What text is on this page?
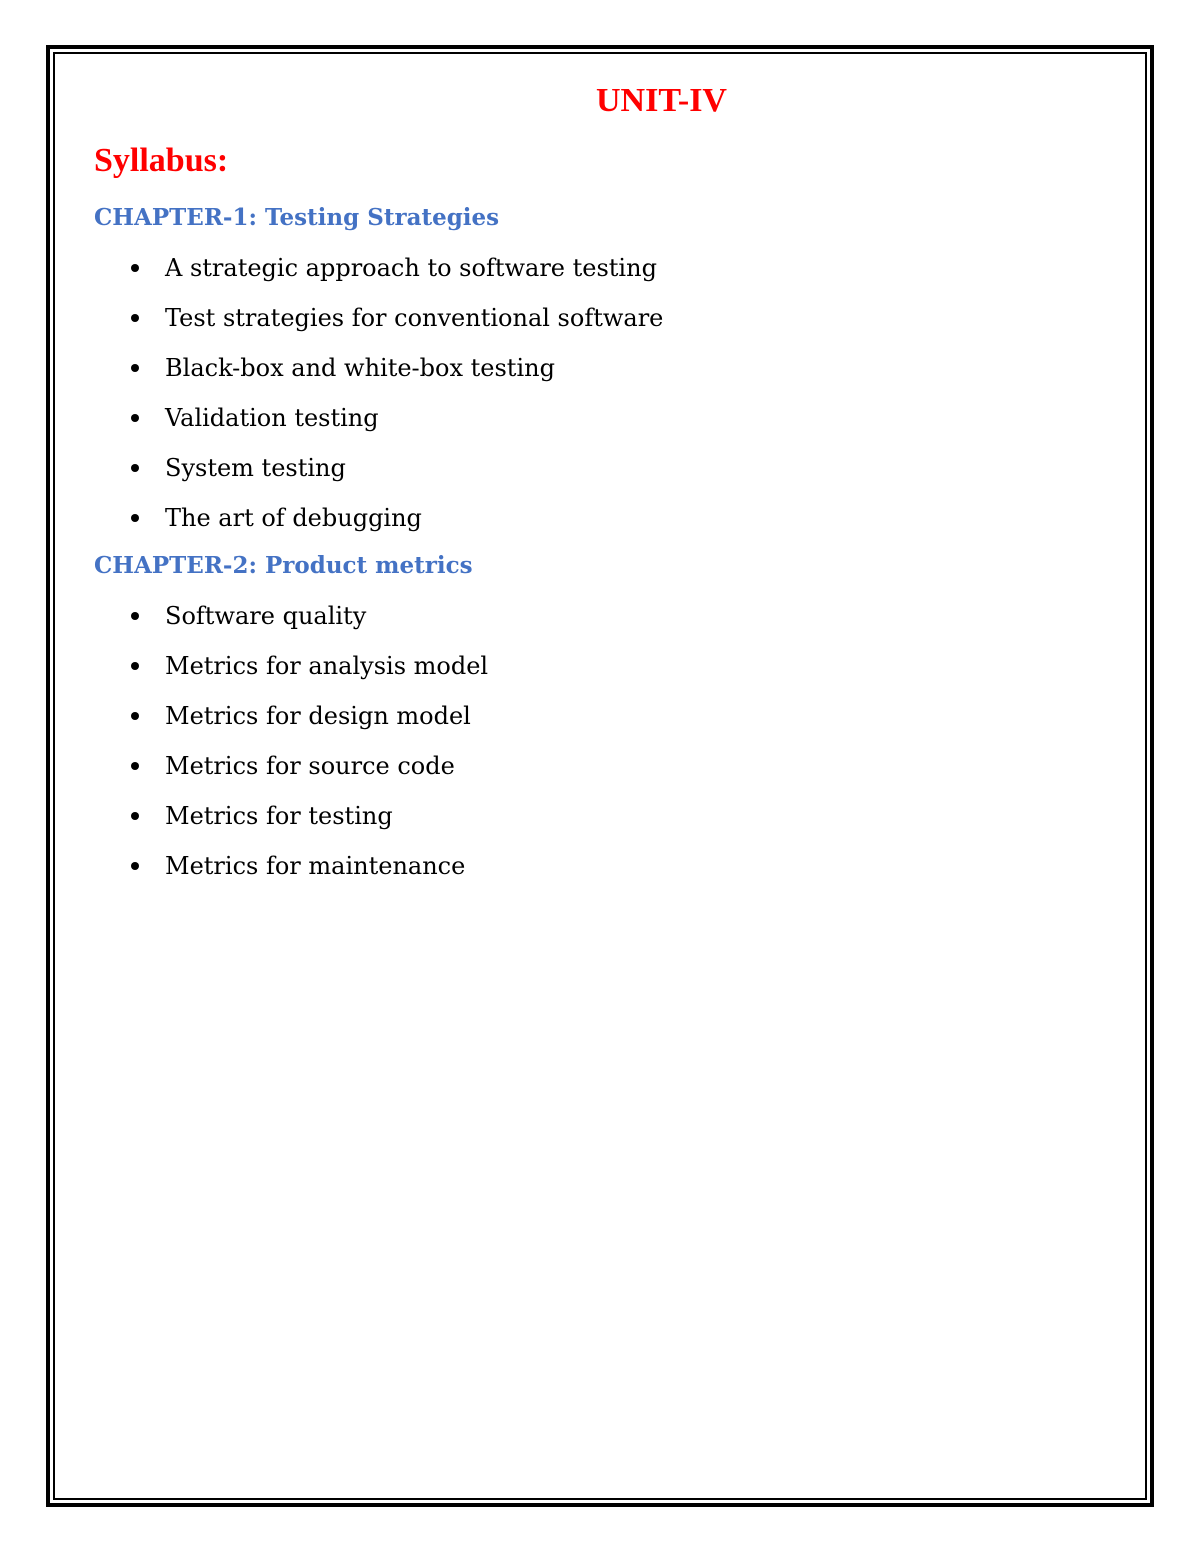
UNIT-IV
Syllabus:
CHAPTER-1: Testing Strategies
A strategic approach to software testing
Test strategies for conventional software
Black-box and white-box testing
Validation testing
System testing
The art of debugging
CHAPTER-2: Product metrics
Software quality
Metrics for analysis model
Metrics for design model
Metrics for source code
Metrics for testing
Metrics for maintenance
